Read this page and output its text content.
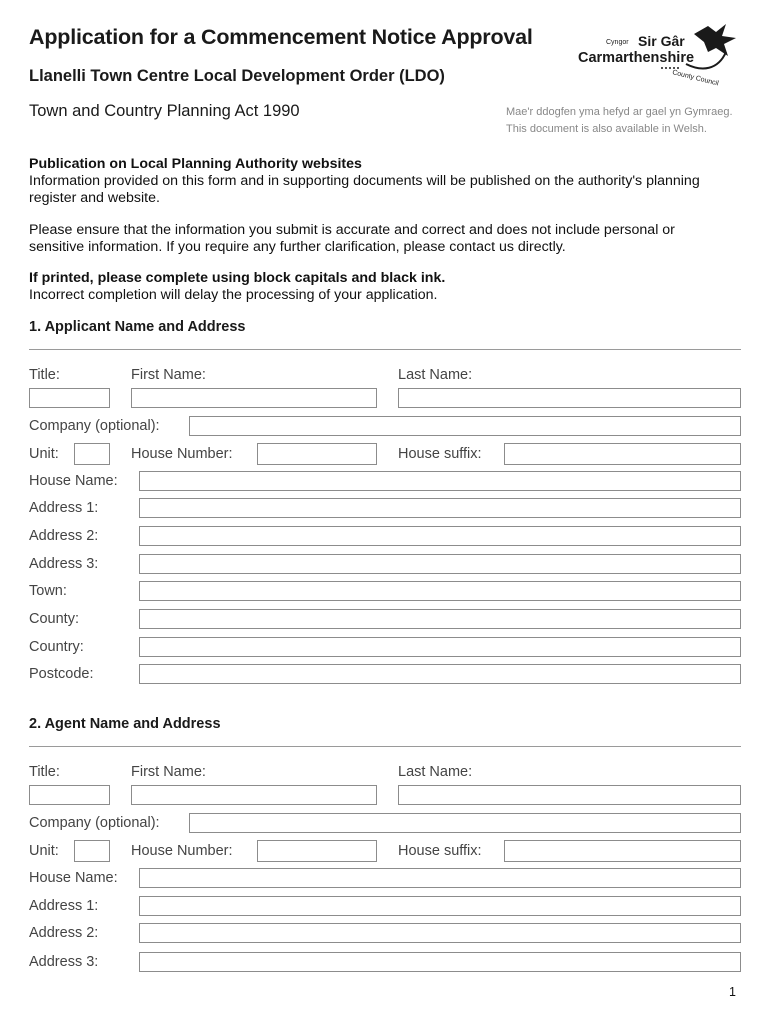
Application for a Commencement Notice Approval
Llanelli Town Centre Local Development Order (LDO)
Town and Country Planning Act 1990	Mae'r ddogfen yma hefyd ar gael yn Gymraeg.
This document is also available in Welsh.
Cyngor Sir Gâr
Carmarthenshire
County Council
Publication on Local Planning Authority websites
Information provided on this form and in supporting documents will be published on the authority's planning register and website.
Please ensure that the information you submit is accurate and correct and does not include personal or sensitive information. If you require any further clarification, please contact us directly.
If printed, please complete using block capitals and black ink.
Incorrect completion will delay the processing of your application.
1. Applicant Name and Address
Title:	First Name:	Last Name:
Company (optional):
Unit:	House Number:	House suffix:
House Name:
Address 1:
Address 2:
Address 3:
Town:
County:
Country:
Postcode:
2. Agent Name and Address
Title:	First Name:	Last Name:
Company (optional):
Unit:	House Number:	House suffix:
House Name:
Address 1:
Address 2:
Address 3:
1
